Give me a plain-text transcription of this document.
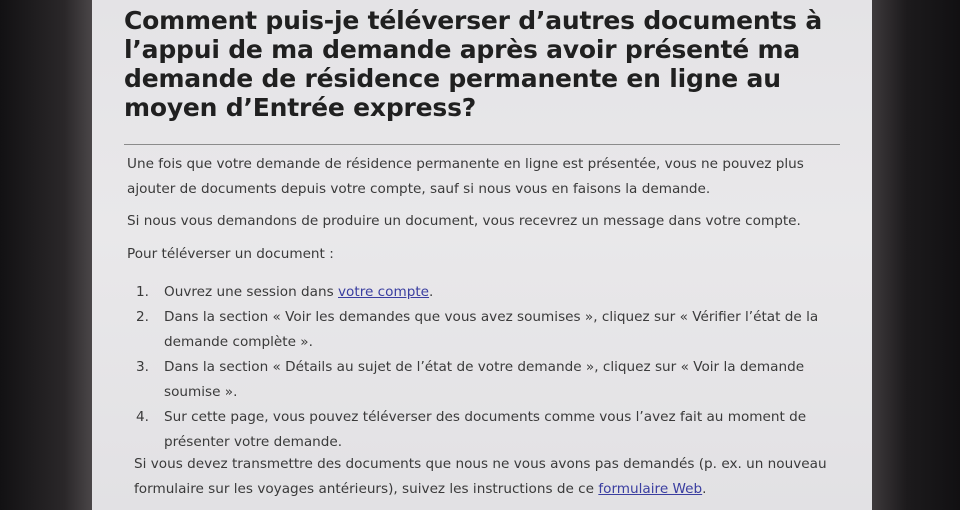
Comment puis-je téléverser d’autres documents à l’appui de ma demande après avoir présenté ma demande de résidence permanente en ligne au moyen d’Entrée express?

Une fois que votre demande de résidence permanente en ligne est présentée, vous ne pouvez plus ajouter de documents depuis votre compte, sauf si nous vous en faisons la demande.

Si nous vous demandons de produire un document, vous recevrez un message dans votre compte.

Pour téléverser un document :

1. Ouvrez une session dans votre compte.
2. Dans la section « Voir les demandes que vous avez soumises », cliquez sur « Vérifier l’état de la demande complète ».
3. Dans la section « Détails au sujet de l’état de votre demande », cliquez sur « Voir la demande soumise ».
4. Sur cette page, vous pouvez téléverser des documents comme vous l’avez fait au moment de présenter votre demande.

Si vous devez transmettre des documents que nous ne vous avons pas demandés (p. ex. un nouveau formulaire sur les voyages antérieurs), suivez les instructions de ce formulaire Web.
